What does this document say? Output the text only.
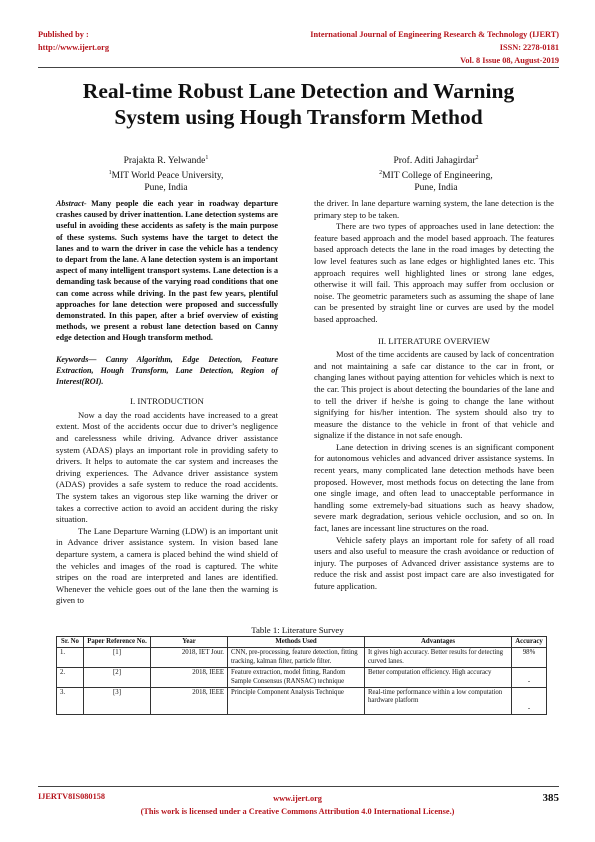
Published by :
http://www.ijert.org
International Journal of Engineering Research & Technology (IJERT)
ISSN: 2278-0181
Vol. 8 Issue 08, August-2019
Real-time Robust Lane Detection and Warning
System using Hough Transform Method
Prajakta R. Yelwande$^1$
$^1$MIT World Peace University,
Pune, India
Prof. Aditi Jahagirdar$^2$
$^2$MIT College of Engineering,
Pune, India

Abstract- Many people die each year in roadway departure crashes caused by driver inattention. Lane detection systems are useful in avoiding these accidents as safety is the main purpose of these systems. Such systems have the target to detect the lanes and to warn the driver in case the vehicle has a tendency to depart from the lane. A lane detection system is an important aspect of many intelligent transport systems. Lane detection is a demanding task because of the varying road conditions that one can come across while driving. In the past few years, plentiful approaches for lane detection were proposed and successfully demonstrated. In this paper, after a brief overview of existing methods, we present a robust lane detection based on Canny edge detection and Hough transform method.

Keywords— Canny Algorithm, Edge Detection, Feature Extraction, Hough Transform, Lane Detection, Region of Interest(ROI).

I. INTRODUCTION

Now a day the road accidents have increased to a great extent. Most of the accidents occur due to driver’s negligence and carelessness while driving. Advance driver assistance system (ADAS) plays an important role in providing safety to drivers. It helps to automate the car system and increases the driving experiences. The Advance driver assistance system (ADAS) provides a safe system to reduce the road accidents. The system takes an vigorous step like warning the driver or takes a corrective action to avoid an accident during the risky situation.

The Lane Departure Warning (LDW) is an important unit in Advance driver assistance system. In vision based lane departure system, a camera is placed behind the wind shield of the vehicles and images of the road is captured. The white stripes on the road are interpreted and lanes are identified. Whenever the vehicle goes out of the lane then the warning is given to

the driver. In lane departure warning system, the lane detection is the primary step to be taken.

There are two types of approaches used in lane detection: the feature based approach and the model based approach. The features based approach detects the lane in the road images by detecting the low level features such as lane edges or highlighted lanes etc. This approach requires well highlighted lines or strong lane edges, otherwise it will fail. This approach may suffer from occlusion or noise. The geometric parameters such as assuming the shape of lane can be presented by straight line or curves are used by the model based approached.

II. LITERATURE OVERVIEW

Most of the time accidents are caused by lack of concentration and not maintaining a safe car distance to the car in front, or changing lanes without paying attention for vehicles which is next to the car. This project is about detecting the boundaries of the lane and to tell the driver if he/she is going to change the lane without signifying for his/her intention. The system should also try to measure the distance to the vehicle in front of that vehicle and signalize if the distance in not safe enough.

Lane detection in driving scenes is an significant component for autonomous vehicles and advanced driver assistance systems. In recent years, many complicated lane detection methods have been proposed. However, most methods focus on detecting the lane from one single image, and often lead to unacceptable performance in handling some extremely-bad situations such as heavy shadow, severe mark degradation, serious vehicle occlusion, and so on. In fact, lanes are incessant line structures on the road.

Vehicle safety plays an important role for safety of all road users and also useful to measure the crash avoidance or reduction of injury. The purposes of Advanced driver assistance systems are to reduce the risk and assist post impact care are also investigated for future application.

Table 1: Literature Survey
Sr. No	Paper Reference No.	Year	Methods Used	Advantages	Accuracy
1.	[1]	2018, IET Jour.	CNN, pre-processing, feature detection, fitting tracking, kalman filter, particle filter.	It gives high accuracy. Better results for detecting curved lanes.	98%
2.	[2]	2018, IEEE	Feature extraction, model fitting, Random Sample Consensus (RANSAC) technique	Better computation efficiency. High accuracy	-
3.	[3]	2018, IEEE	Principle Component Analysis Technique	Real-time performance within a low computation hardware platform	-
IJERTV8IS080158	www.ijert.org
(This work is licensed under a Creative Commons Attribution 4.0 International License.)
385
